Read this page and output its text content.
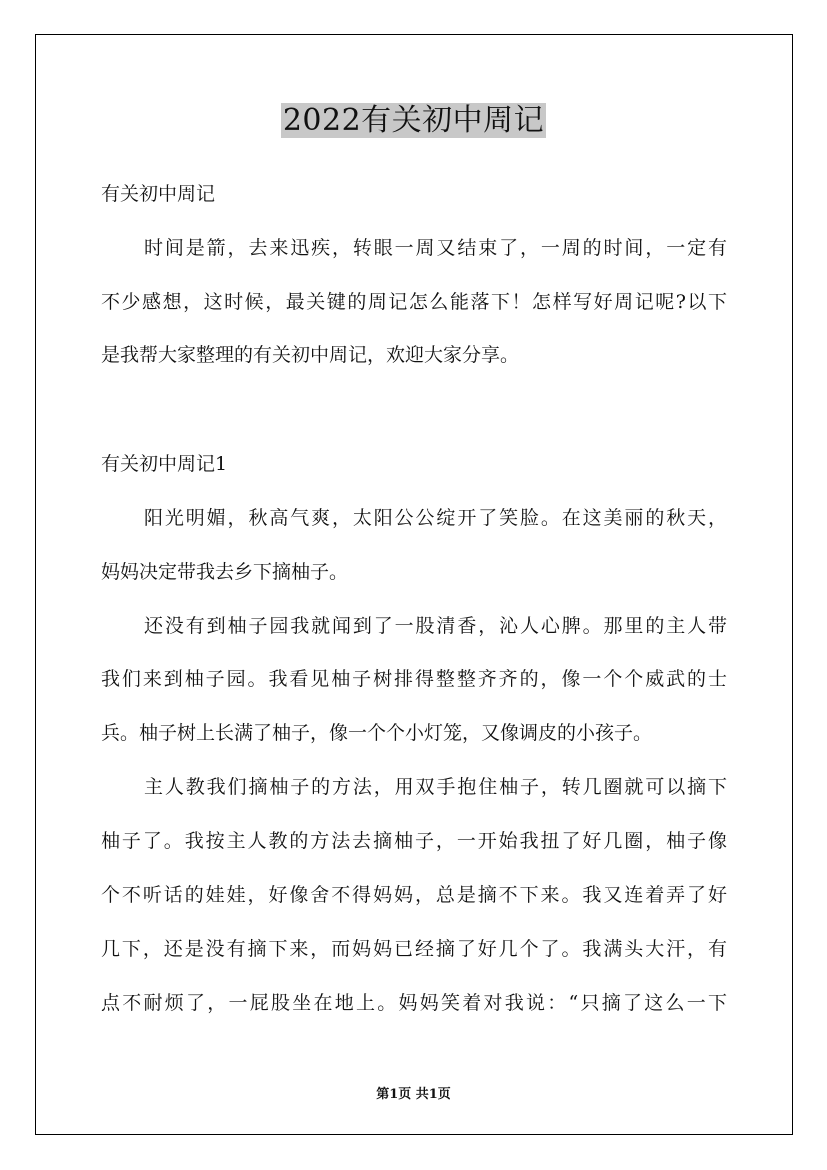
2022有关初中周记
有关初中周记
时间是箭，去来迅疾，转眼一周又结束了，一周的时间，一定有
不少感想，这时候，最关键的周记怎么能落下！怎样写好周记呢?以下
是我帮大家整理的有关初中周记，欢迎大家分享。
有关初中周记1
阳光明媚，秋高气爽，太阳公公绽开了笑脸。在这美丽的秋天，
妈妈决定带我去乡下摘柚子。
还没有到柚子园我就闻到了一股清香，沁人心脾。那里的主人带
我们来到柚子园。我看见柚子树排得整整齐齐的，像一个个威武的士
兵。柚子树上长满了柚子，像一个个小灯笼，又像调皮的小孩子。
主人教我们摘柚子的方法，用双手抱住柚子，转几圈就可以摘下
柚子了。我按主人教的方法去摘柚子，一开始我扭了好几圈，柚子像
个不听话的娃娃，好像舍不得妈妈，总是摘不下来。我又连着弄了好
几下，还是没有摘下来，而妈妈已经摘了好几个了。我满头大汗，有
点不耐烦了，一屁股坐在地上。妈妈笑着对我说：“只摘了这么一下
第1页 共1页
